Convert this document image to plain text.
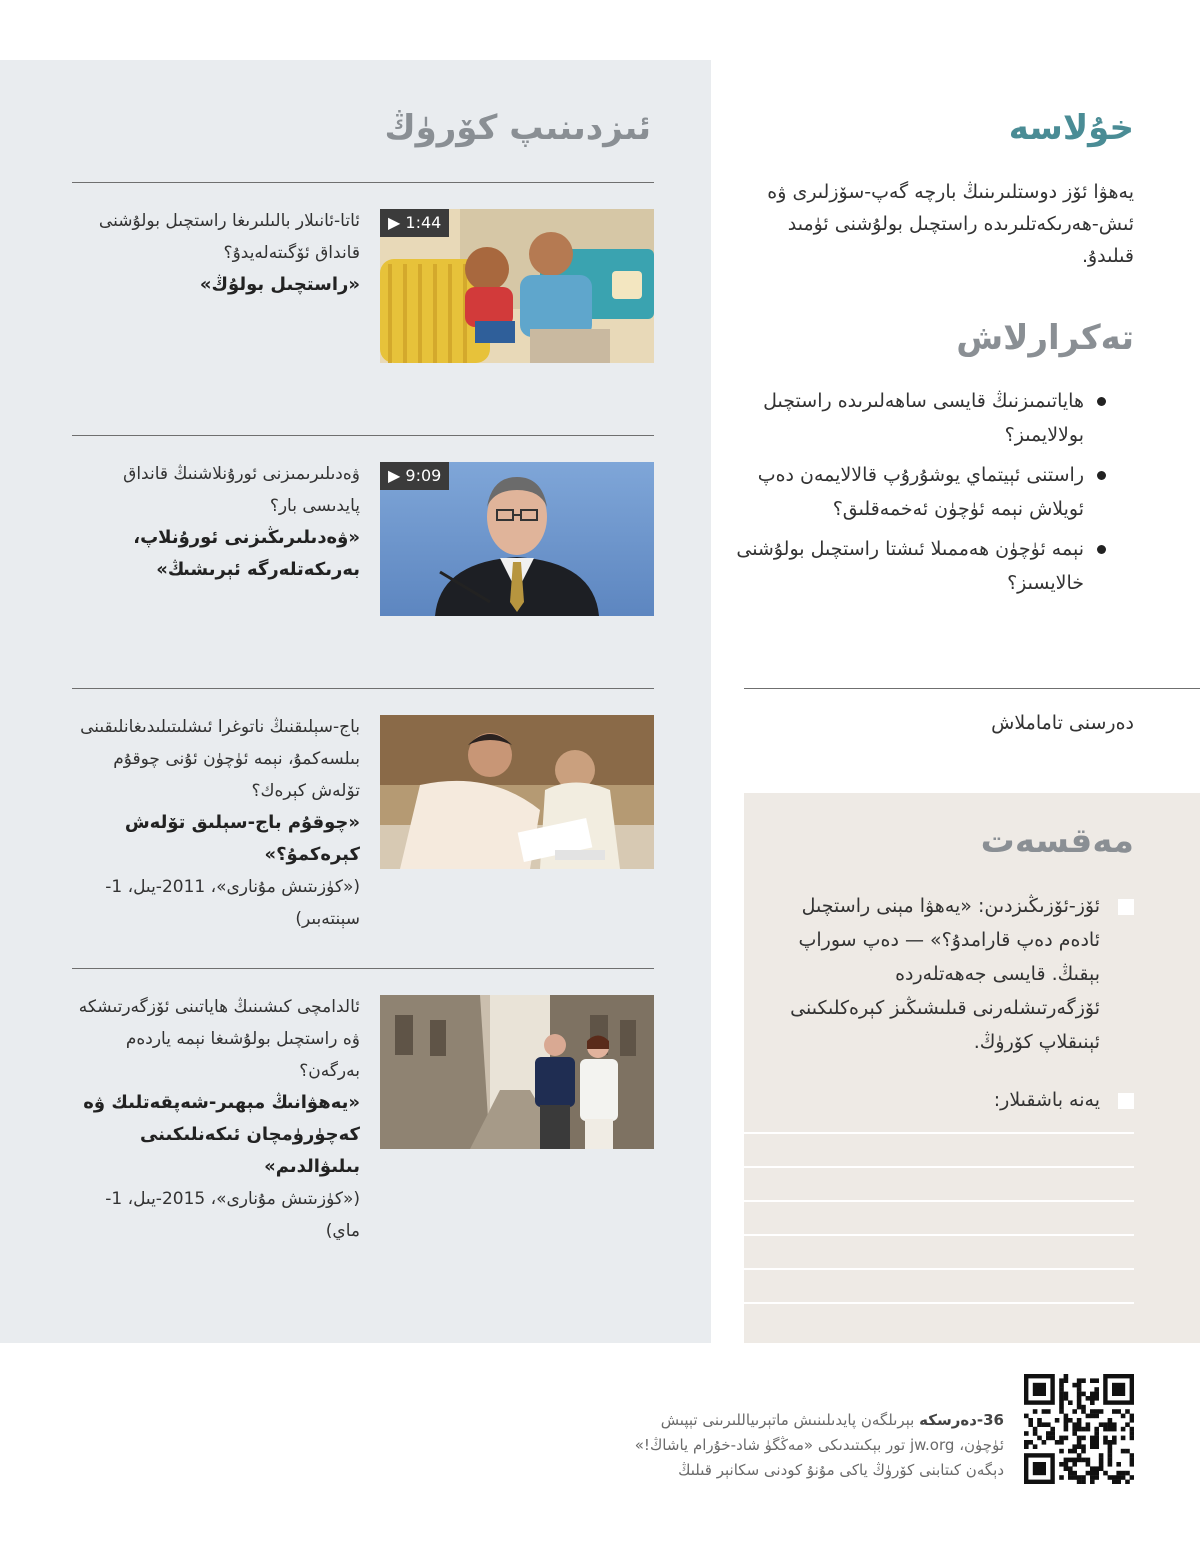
ئىزدىنىپ كۆرۈڭ
▶ 1:44
ئاتا-ئانىلار بالىلىرىغا راستچىل بولۇشنى قانداق ئۆگىتەلەيدۇ؟
«راستچىل بولۇڭ»
▶ 9:09
ۋەدىلىرىمىزنى ئورۇنلاشنىڭ قانداق پايدىسى بار؟
«ۋەدىلىرىڭىزنى ئورۇنلاپ، بەرىكەتلەرگە ئېرىشىڭ»
باج-سېلىقنىڭ ناتوغرا ئىشلىتىلىدىغانلىقىنى بىلسەكمۇ، نېمە ئۈچۈن ئۇنى چوقۇم تۆلەش كېرەك؟
«چوقۇم باج-سېلىق تۆلەش كېرەكمۇ؟»
(«كۈزىتىش مۇنارى»، 2011-يىل، 1-سېنتەبىر)
ئالدامچى كىشىنىڭ ھاياتىنى ئۆزگەرتىشكە ۋە راستچىل بولۇشىغا نېمە ياردەم بەرگەن؟
«يەھۋانىڭ مېھىر-شەپقەتلىك ۋە كەچۈرۈمچان ئىكەنلىكىنى بىلىۋالدىم»
(«كۈزىتىش مۇنارى»، 2015-يىل، 1-ماي)
خۇلاسە
يەھۋا ئۆز دوستلىرىنىڭ بارچە گەپ-سۆزلىرى ۋە ئىش-ھەرىكەتلىرىدە راستچىل بولۇشنى ئۈمىد قىلىدۇ.
تەكرارلاش
ھاياتىمىزنىڭ قايسى ساھەلىرىدە راستچىل بولالايمىز؟
راستنى ئېيتماي يوشۇرۇپ قالالايمەن دەپ ئويلاش نېمە ئۈچۈن ئەخمەقلىق؟
نېمە ئۈچۈن ھەممىلا ئىشتا راستچىل بولۇشنى خالايسىز؟
دەرسنى تاماملاش
مەقسەت
ئۆز-ئۆزىڭىزدىن: «يەھۋا مېنى راستچىل ئادەم دەپ قارامدۇ؟» — دەپ سوراپ بېقىڭ. قايسى جەھەتلەردە ئۆزگەرتىشلەرنى قىلىشىڭىز كېرەكلىكىنى ئېنىقلاپ كۆرۈڭ.
يەنە باشقىلار:
36-دەرسكە بېرىلگەن پايدىلىنىش ماتېرىياللىرىنى تېپىش
ئۈچۈن، jw.org تور بېكىتىدىكى «مەڭگۈ شاد-خۇرام ياشاڭ!»
دېگەن كىتابنى كۆرۈڭ ياكى مۇنۇ كودنى سكانېر قىلىڭ
